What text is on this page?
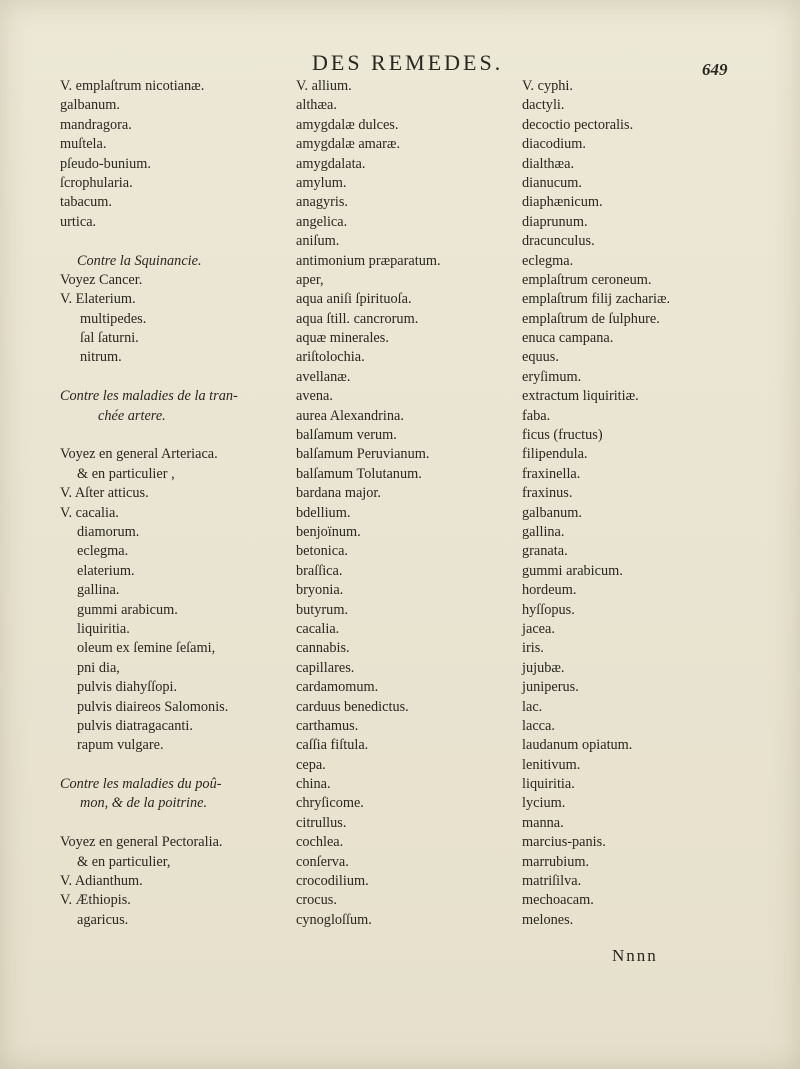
DES REMEDES.	649
V. emplaſtrum nicotianæ.
galbanum.
mandragora.
muſtela.
pſeudo-bunium.
ſcrophularia.
tabacum.
urtica.
Contre la Squinancie.
Voyez Cancer.
V. Elaterium.
multipedes.
ſal ſaturni.
nitrum.
Contre les maladies de la tran-
chée artere.
Voyez en general Arteriaca.
& en particulier ,
V. Aſter atticus.
V. cacalia.
diamorum.
eclegma.
elaterium.
gallina.
gummi arabicum.
liquiritia.
oleum ex ſemine ſeſami,
pni dia,
pulvis diahyſſopi.
pulvis diaireos Salomonis.
pulvis diatragacanti.
rapum vulgare.
Contre les maladies du poû-
mon, & de la poitrine.
Voyez en general Pectoralia.
& en particulier,
V. Adianthum.
V. Æthiopis.
agaricus.
V. allium.
althæa.
amygdalæ dulces.
amygdalæ amaræ.
amygdalata.
amylum.
anagyris.
angelica.
aniſum.
antimonium præparatum.
aper,
aqua aniſi ſpirituoſa.
aqua ſtill. cancrorum.
aquæ minerales.
ariſtolochia.
avellanæ.
avena.
aurea Alexandrina.
balſamum verum.
balſamum Peruvianum.
balſamum Tolutanum.
bardana major.
bdellium.
benjoïnum.
betonica.
braſſica.
bryonia.
butyrum.
cacalia.
cannabis.
capillares.
cardamomum.
carduus benedictus.
carthamus.
caſſia fiſtula.
cepa.
china.
chryſicome.
citrullus.
cochlea.
conſerva.
crocodilium.
crocus.
cynogloſſum.
V. cyphi.
dactyli.
decoctio pectoralis.
diacodium.
dialthæa.
dianucum.
diaphænicum.
diaprunum.
dracunculus.
eclegma.
emplaſtrum ceroneum.
emplaſtrum filij zachariæ.
emplaſtrum de ſulphure.
enuca campana.
equus.
eryſimum.
extractum liquiritiæ.
faba.
ficus (fructus)
filipendula.
fraxinella.
fraxinus.
galbanum.
gallina.
granata.
gummi arabicum.
hordeum.
hyſſopus.
jacea.
iris.
jujubæ.
juniperus.
lac.
lacca.
laudanum opiatum.
lenitivum.
liquiritia.
lycium.
manna.
marcius-panis.
marrubium.
matriſilva.
mechoacam.
melones.
Nnnn
